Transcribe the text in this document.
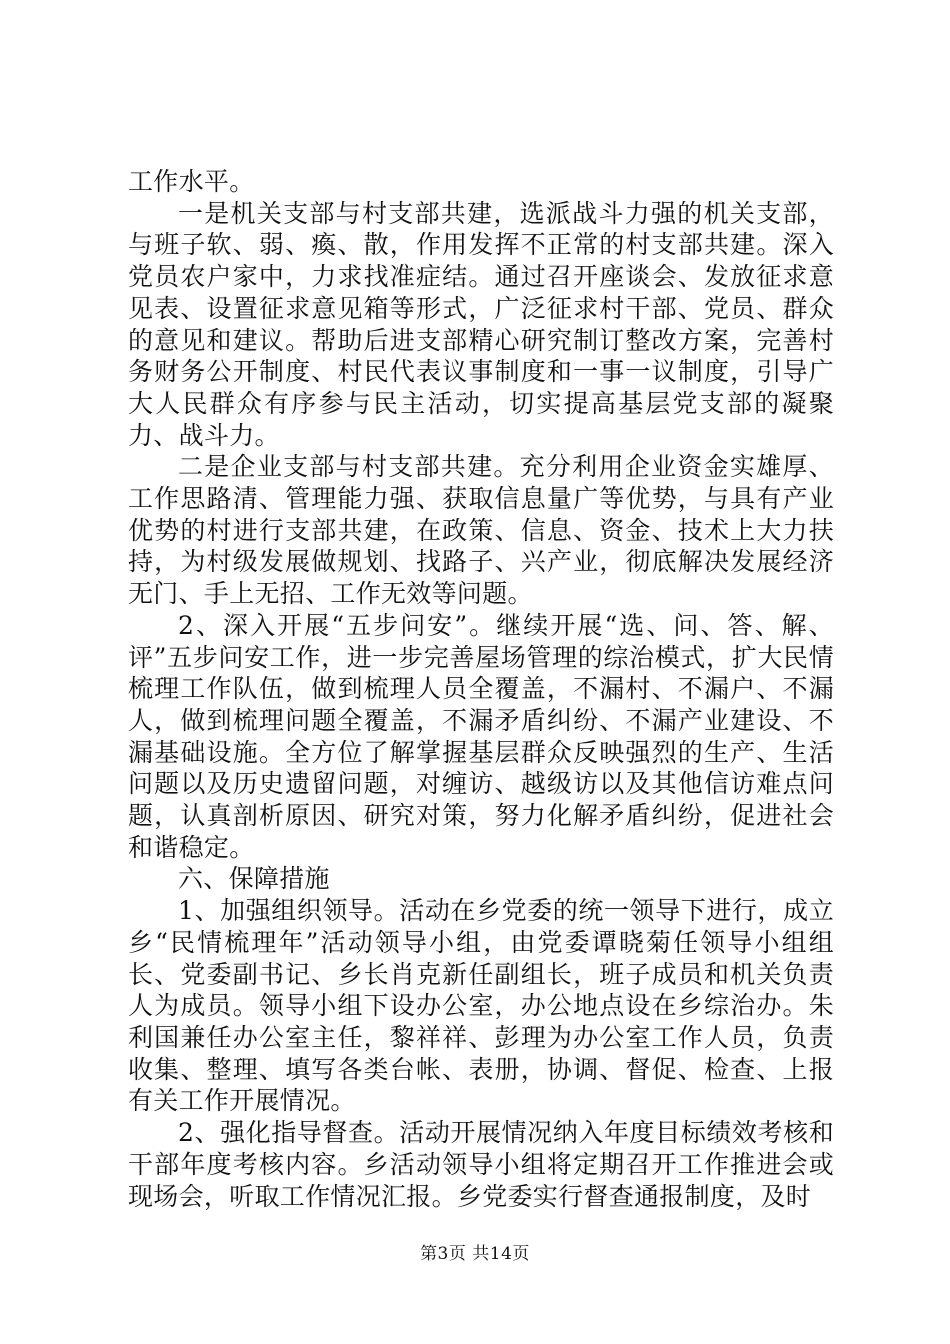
工作水平。

一是机关支部与村支部共建，选派战斗力强的机关支部，与班子软、弱、瘓、散，作用发挥不正常的村支部共建。深入党员农户家中，力求找准症结。通过召开座谈会、发放征求意见表、设置征求意见箱等形式，广泛征求村干部、党员、群众的意见和建议。帮助后进支部精心研究制订整改方案，完善村务财务公开制度、村民代表议事制度和一事一议制度，引导广大人民群众有序参与民主活动，切实提高基层党支部的凝聚力、战斗力。

二是企业支部与村支部共建。充分利用企业资金实雄厚、工作思路清、管理能力强、获取信息量广等优势，与具有产业优势的村进行支部共建，在政策、信息、资金、技术上大力扶持，为村级发展做规划、找路子、兴产业，彻底解决发展经济无门、手上无招、工作无效等问题。

2、深入开展“五步问安”。继续开展“选、问、答、解、评”五步问安工作，进一步完善屋场管理的综治模式，扩大民情梳理工作队伍，做到梳理人员全覆盖，不漏村、不漏户、不漏人，做到梳理问题全覆盖，不漏矛盾纠纷、不漏产业建设、不漏基础设施。全方位了解掌握基层群众反映强烈的生产、生活问题以及历史遗留问题，对缠访、越级访以及其他信访难点问题，认真剖析原因、研究对策，努力化解矛盾纠纷，促进社会和谐稳定。

六、保障措施

1、加强组织领导。活动在乡党委的统一领导下进行，成立乡“民情梳理年”活动领导小组，由党委谭晓菊任领导小组组长、党委副书记、乡长肖克新任副组长，班子成员和机关负责人为成员。领导小组下设办公室，办公地点设在乡综治办。朱利国兼任办公室主任，黎祥祥、彭理为办公室工作人员，负责收集、整理、填写各类台帐、表册，协调、督促、检查、上报有关工作开展情况。

2、强化指导督查。活动开展情况纳入年度目标绩效考核和干部年度考核内容。乡活动领导小组将定期召开工作推进会或现场会，听取工作情况汇报。乡党委实行督查通报制度，及时

第3页 共14页
